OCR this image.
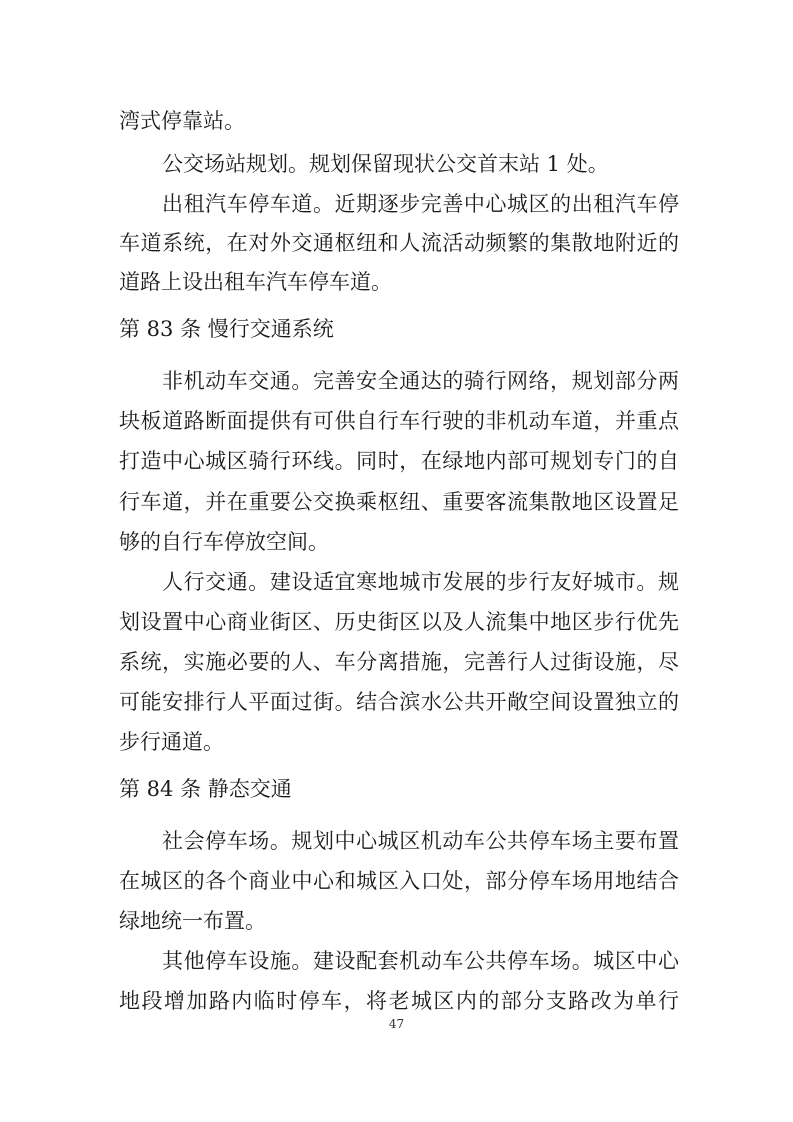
湾式停靠站。
公交场站规划。规划保留现状公交首末站 1 处。
出租汽车停车道。近期逐步完善中心城区的出租汽车停
车道系统，在对外交通枢纽和人流活动频繁的集散地附近的
道路上设出租车汽车停车道。
第 83 条 慢行交通系统
非机动车交通。完善安全通达的骑行网络，规划部分两
块板道路断面提供有可供自行车行驶的非机动车道，并重点
打造中心城区骑行环线。同时，在绿地内部可规划专门的自
行车道，并在重要公交换乘枢纽、重要客流集散地区设置足
够的自行车停放空间。
人行交通。建设适宜寒地城市发展的步行友好城市。规
划设置中心商业街区、历史街区以及人流集中地区步行优先
系统，实施必要的人、车分离措施，完善行人过街设施，尽
可能安排行人平面过街。结合滨水公共开敞空间设置独立的
步行通道。
第 84 条 静态交通
社会停车场。规划中心城区机动车公共停车场主要布置
在城区的各个商业中心和城区入口处，部分停车场用地结合
绿地统一布置。
其他停车设施。建设配套机动车公共停车场。城区中心
地段增加路内临时停车，将老城区内的部分支路改为单行
47
